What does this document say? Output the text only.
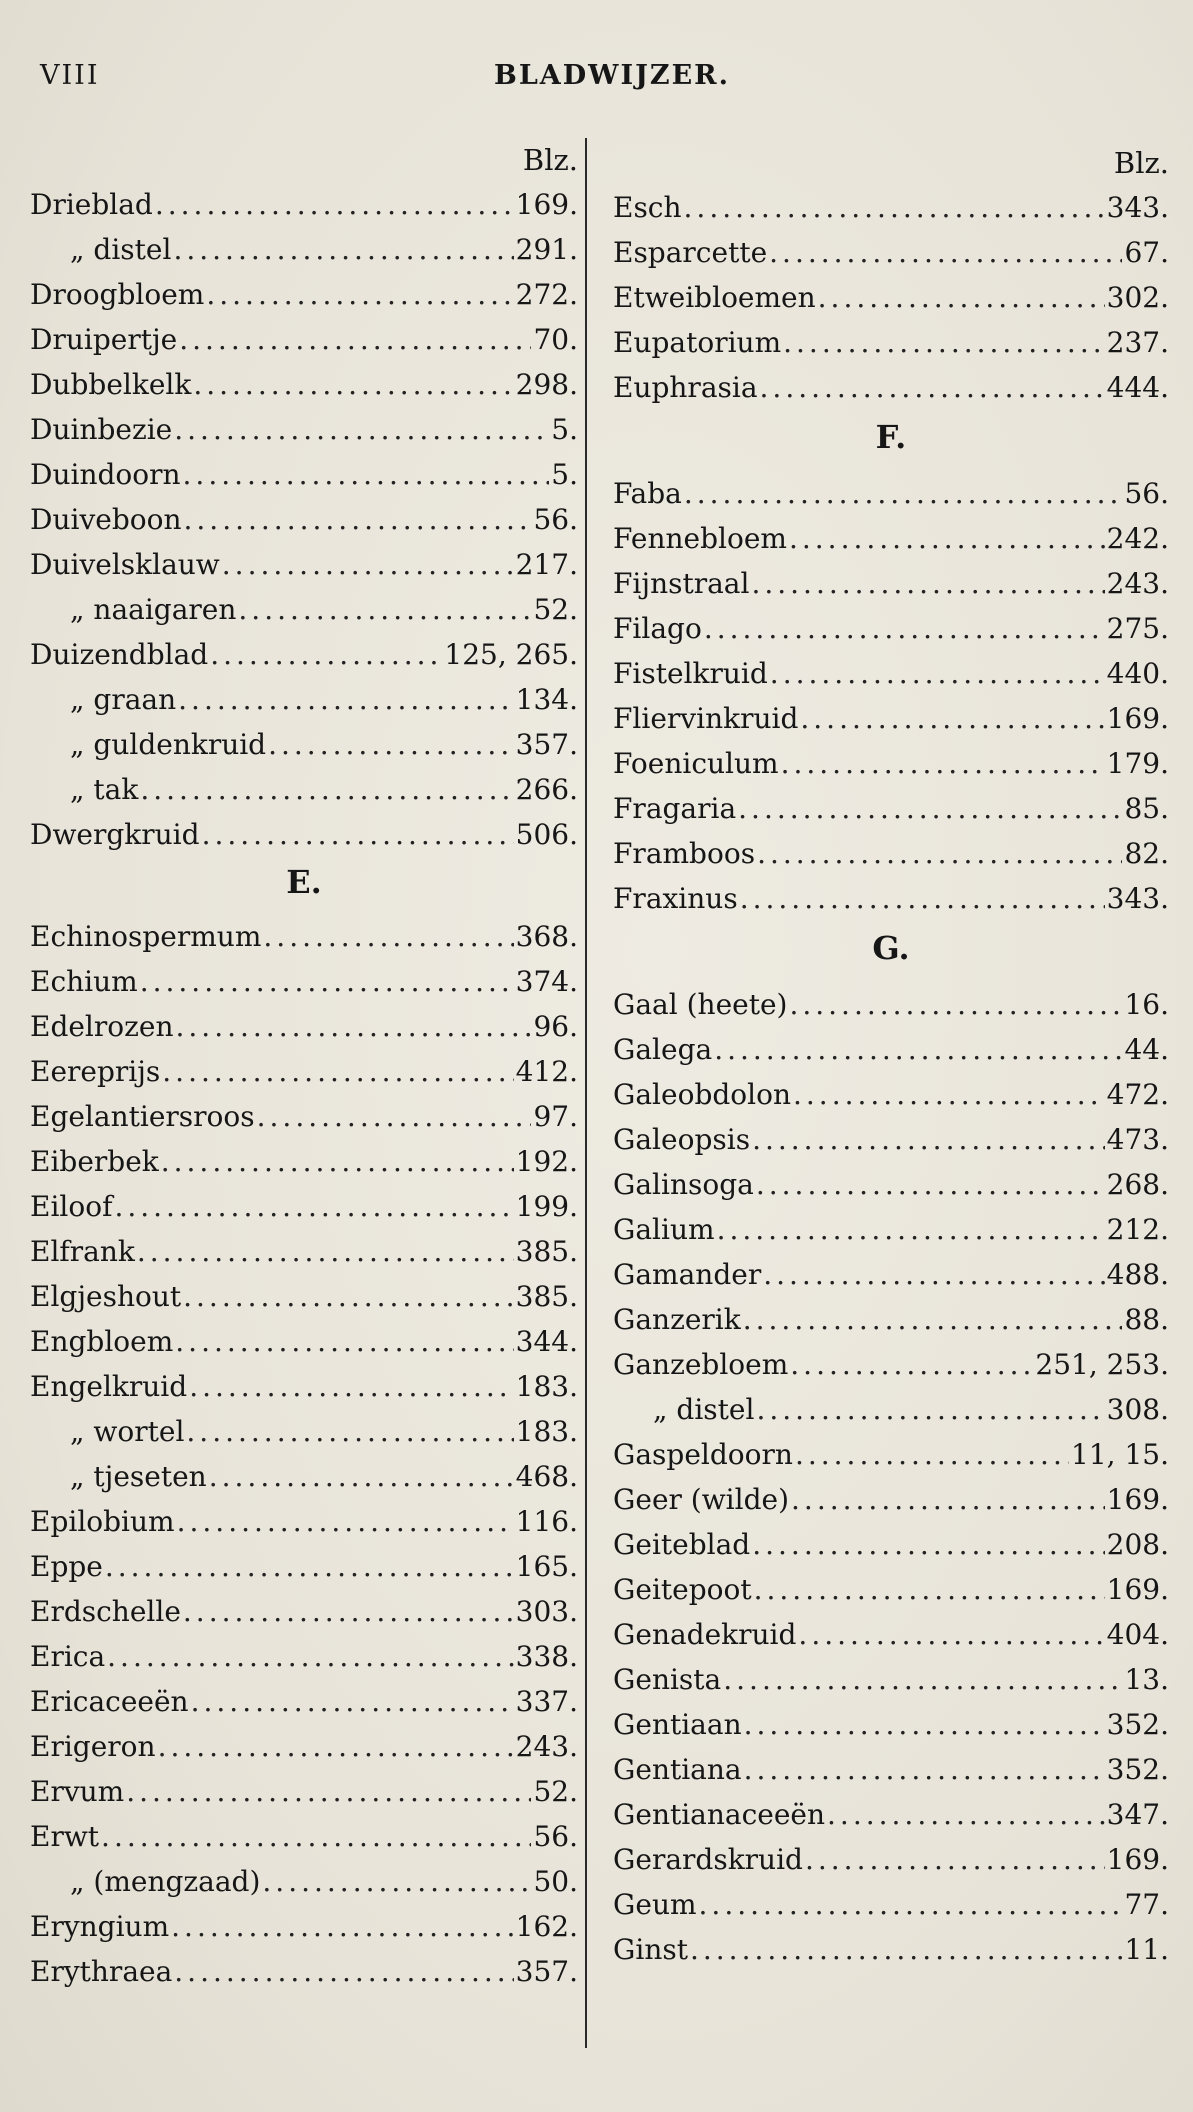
VIII	BLADWIJZER.
Blz.
Drieblad .....	169.
„ distel .....	291.
Droogbloem .....	272.
Druipertje .....	70.
Dubbelkelk .....	298.
Duinbezie .....	5.
Duindoorn .....	5.
Duiveboon .....	56.
Duivelsklauw .....	217.
„ naaigaren .....	52.
Duizendblad .....	125, 265.
„ graan .....	134.
„ guldenkruid .....	357.
„ tak .....	266.
Dwergkruid .....	506.
E.
Echinospermum .....	368.
Echium .....	374.
Edelrozen .....	96.
Eereprijs .....	412.
Egelantiersroos .....	97.
Eiberbek .....	192.
Eiloof .....	199.
Elfrank .....	385.
Elgjeshout .....	385.
Engbloem .....	344.
Engelkruid .....	183.
„ wortel .....	183.
„ tjeseten .....	468.
Epilobium .....	116.
Eppe .....	165.
Erdschelle .....	303.
Erica .....	338.
Ericaceeën .....	337.
Erigeron .....	243.
Ervum .....	52.
Erwt .....	56.
„ (mengzaad) .....	50.
Eryngium .....	162.
Erythraea .....	357.
Blz.
Esch .....	343.
Esparcette .....	67.
Etweibloemen .....	302.
Eupatorium .....	237.
Euphrasia .....	444.
F.
Faba .....	56.
Fennebloem .....	242.
Fijnstraal .....	243.
Filago .....	275.
Fistelkruid .....	440.
Fliervinkruid .....	169.
Foeniculum .....	179.
Fragaria .....	85.
Framboos .....	82.
Fraxinus .....	343.
G.
Gaal (heete) .....	16.
Galega .....	44.
Galeobdolon .....	472.
Galeopsis .....	473.
Galinsoga .....	268.
Galium .....	212.
Gamander .....	488.
Ganzerik .....	88.
Ganzebloem .....	251, 253.
„ distel .....	308.
Gaspeldoorn .....	11, 15.
Geer (wilde) .....	169.
Geiteblad .....	208.
Geitepoot .....	169.
Genadekruid .....	404.
Genista .....	13.
Gentiaan .....	352.
Gentiana .....	352.
Gentianaceeën .....	347.
Gerardskruid .....	169.
Geum .....	77.
Ginst .....	11.
